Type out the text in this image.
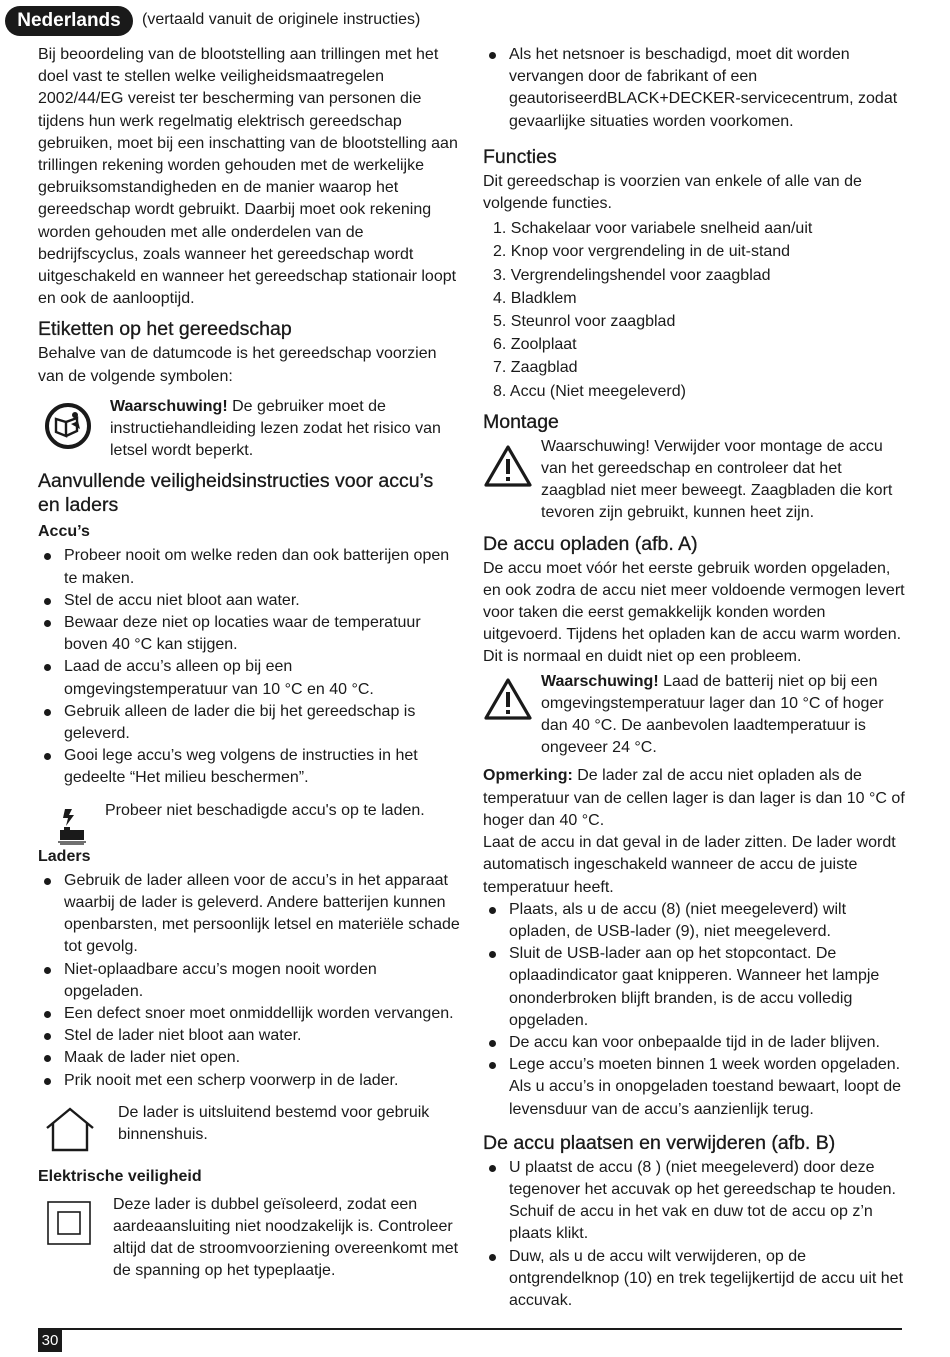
Nederlands	(vertaald vanuit de originele instructies)

Bij beoordeling van de blootstelling aan trillingen met het doel vast te stellen welke veiligheidsmaatregelen 2002/44/EG vereist ter bescherming van personen die tijdens hun werk regelmatig elektrisch gereedschap gebruiken, moet bij een inschatting van de blootstelling aan trillingen rekening worden gehouden met de werkelijke gebruiksomstandigheden en de manier waarop het gereedschap wordt gebruikt. Daarbij moet ook rekening worden gehouden met alle onderdelen van de bedrijfscyclus, zoals wanneer het gereedschap wordt uitgeschakeld en wanneer het gereedschap stationair loopt en ook de aanlooptijd.

Etiketten op het gereedschap

Behalve van de datumcode is het gereedschap voorzien van de volgende symbolen:

Waarschuwing! De gebruiker moet de instructiehandleiding lezen zodat het risico van letsel wordt beperkt.
Aanvullende veiligheidsinstructies voor accu’s en laders
Accu’s
Probeer nooit om welke reden dan ook batterijen open te maken.
Stel de accu niet bloot aan water.
Bewaar deze niet op locaties waar de temperatuur boven 40 °C kan stijgen.
Laad de accu’s alleen op bij een omgevingstemperatuur van 10 °C en 40 °C.
Gebruik alleen de lader die bij het gereedschap is geleverd.
Gooi lege accu’s weg volgens de instructies in het gedeelte “Het milieu beschermen”.
Probeer niet beschadigde accu's op te laden.
Laders
Gebruik de lader alleen voor de accu’s in het apparaat waarbij de lader is geleverd. Andere batterijen kunnen openbarsten, met persoonlijk letsel en materiële schade tot gevolg.
Niet-oplaadbare accu’s mogen nooit worden opgeladen.
Een defect snoer moet onmiddellijk worden vervangen.
Stel de lader niet bloot aan water.
Maak de lader niet open.
Prik nooit met een scherp voorwerp in de lader.
De lader is uitsluitend bestemd voor gebruik binnenshuis.
Elektrische veiligheid
Deze lader is dubbel geïsoleerd, zodat een aardeaansluiting niet noodzakelijk is. Controleer altijd dat de stroomvoorziening overeenkomt met de spanning op het typeplaatje.
Als het netsnoer is beschadigd, moet dit worden vervangen door de fabrikant of een geautoriseerdBLACK+DECKER-servicecentrum, zodat gevaarlijke situaties worden voorkomen.
Functies

Dit gereedschap is voorzien van enkele of alle van de volgende functies.

1. Schakelaar voor variabele snelheid aan/uit
2. Knop voor vergrendeling in de uit-stand
3. Vergrendelingshendel voor zaagblad
4. Bladklem
5. Steunrol voor zaagblad
6. Zoolplaat
7. Zaagblad
8. Accu (Niet meegeleverd)
Montage
Waarschuwing! Verwijder voor montage de accu van het gereedschap en controleer dat het zaagblad niet meer beweegt. Zaagbladen die kort tevoren zijn gebruikt, kunnen heet zijn.
De accu opladen (afb. A)

De accu moet vóór het eerste gebruik worden opgeladen, en ook zodra de accu niet meer voldoende vermogen levert voor taken die eerst gemakkelijk konden worden uitgevoerd. Tijdens het opladen kan de accu warm worden. Dit is normaal en duidt niet op een probleem.

Waarschuwing! Laad de batterij niet op bij een omgevingstemperatuur lager dan 10 °C of hoger dan 40 °C. De aanbevolen laadtemperatuur is ongeveer 24 °C.

Opmerking: De lader zal de accu niet opladen als de temperatuur van de cellen lager is dan lager is dan 10 °C of hoger dan 40 °C.

Laat de accu in dat geval in de lader zitten. De lader wordt automatisch ingeschakeld wanneer de accu de juiste temperatuur heeft.

Plaats, als u de accu (8) (niet meegeleverd) wilt opladen, de USB-lader (9), niet meegeleverd.
Sluit de USB-lader aan op het stopcontact. De oplaadindicator gaat knipperen. Wanneer het lampje ononderbroken blijft branden, is de accu volledig opgeladen.
De accu kan voor onbepaalde tijd in de lader blijven.
Lege accu’s moeten binnen 1 week worden opgeladen. Als u accu’s in onopgeladen toestand bewaart, loopt de levensduur van de accu’s aanzienlijk terug.
De accu plaatsen en verwijderen (afb. B)
U plaatst de accu (8 ) (niet meegeleverd) door deze tegenover het accuvak op het gereedschap te houden. Schuif de accu in het vak en duw tot de accu op z’n plaats klikt.
Duw, als u de accu wilt verwijderen, op de ontgrendelknop (10) en trek tegelijkertijd de accu uit het accuvak.
30
